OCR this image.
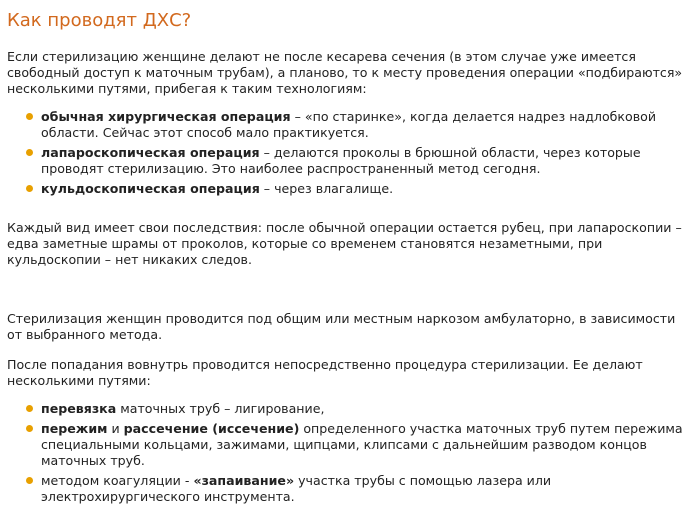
Как проводят ДХС?

Если стерилизацию женщине делают не после кесарева сечения (в этом случае уже имеется свободный доступ к маточным трубам), а планово, то к месту проведения операции «подбираются» несколькими путями, прибегая к таким технологиям:

обычная хирургическая операция – «по старинке», когда делается надрез надлобковой области. Сейчас этот способ мало практикуется.
лапароскопическая операция – делаются проколы в брюшной области, через которые проводят стерилизацию. Это наиболее распространенный метод сегодня.
кульдоскопическая операция – через влагалище.

Каждый вид имеет свои последствия: после обычной операции остается рубец, при лапароскопии – едва заметные шрамы от проколов, которые со временем становятся незаметными, при кульдоскопии – нет никаких следов.

Стерилизация женщин проводится под общим или местным наркозом амбулаторно, в зависимости от выбранного метода.

После попадания вовнутрь проводится непосредственно процедура стерилизации. Ее делают несколькими путями:

перевязка маточных труб – лигирование,
пережим и рассечение (иссечение) определенного участка маточных труб путем пережима специальными кольцами, зажимами, щипцами, клипсами с дальнейшим разводом концов маточных труб.
методом коагуляции - «запаивание» участка трубы с помощью лазера или электрохирургического инструмента.
